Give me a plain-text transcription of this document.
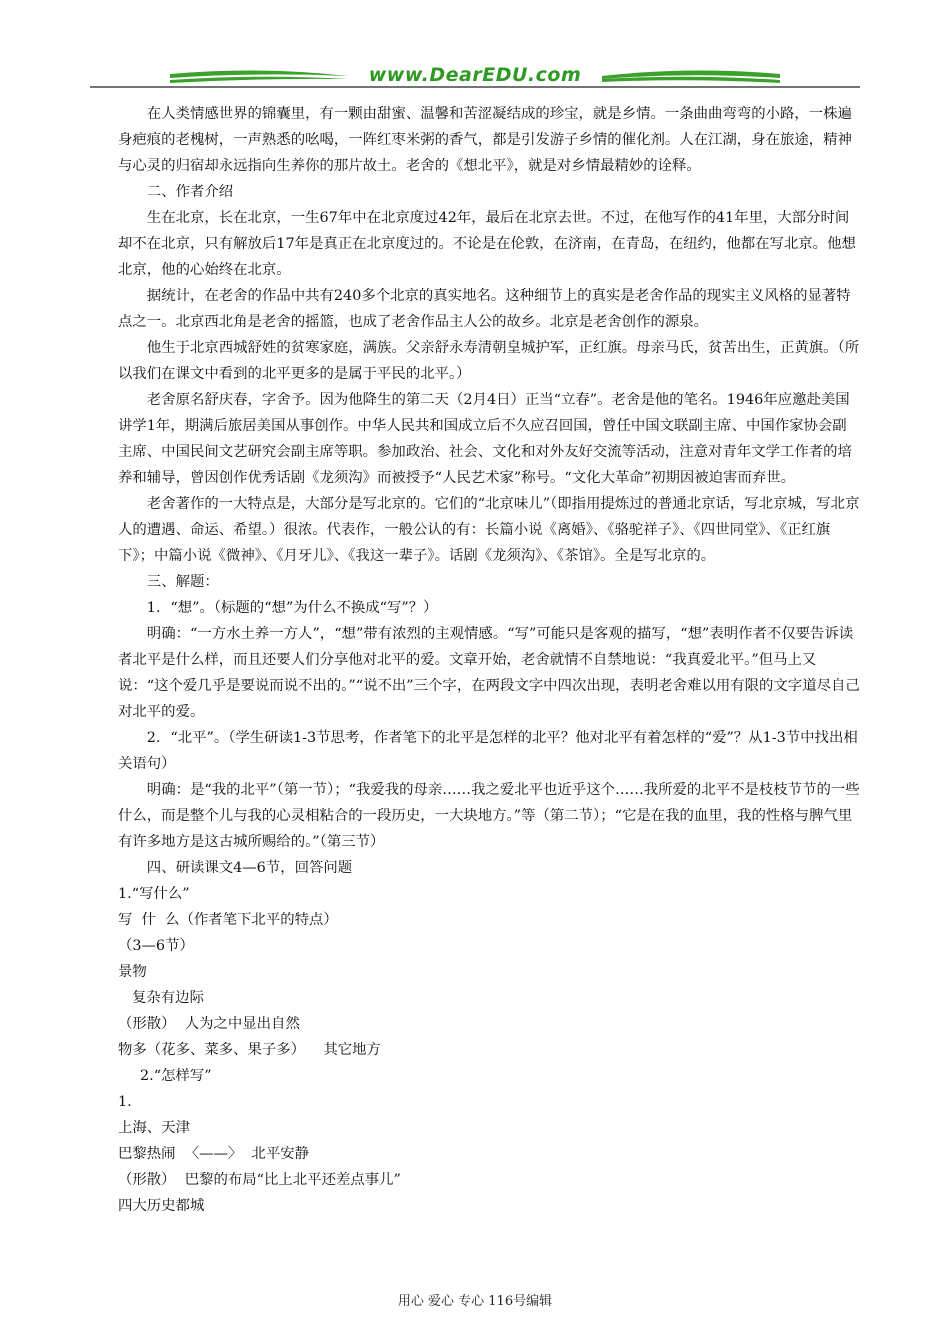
www.DearEDU.com

在人类情感世界的锦囊里，有一颗由甜蜜、温馨和苦涩凝结成的珍宝，就是乡情。一条曲曲弯弯的小路，一株遍身疤痕的老槐树，一声熟悉的吆喝，一阵红枣米粥的香气，都是引发游子乡情的催化剂。人在江湖，身在旅途，精神与心灵的归宿却永远指向生养你的那片故土。老舍的《想北平》，就是对乡情最精妙的诠释。

二、作者介绍

生在北京，长在北京，一生67年中在北京度过42年，最后在北京去世。不过，在他写作的41年里，大部分时间却不在北京，只有解放后17年是真正在北京度过的。不论是在伦敦，在济南，在青岛，在纽约，他都在写北京。他想北京，他的心始终在北京。

据统计，在老舍的作品中共有240多个北京的真实地名。这种细节上的真实是老舍作品的现实主义风格的显著特点之一。北京西北角是老舍的摇篮，也成了老舍作品主人公的故乡。北京是老舍创作的源泉。

他生于北京西城舒姓的贫寒家庭，满族。父亲舒永寿清朝皇城护军，正红旗。母亲马氏，贫苦出生，正黄旗。（所以我们在课文中看到的北平更多的是属于平民的北平。）

老舍原名舒庆春，字舍予。因为他降生的第二天（2月4日）正当“立春”。老舍是他的笔名。1946年应邀赴美国讲学1年，期满后旅居美国从事创作。中华人民共和国成立后不久应召回国，曾任中国文联副主席、中国作家协会副主席、中国民间文艺研究会副主席等职。参加政治、社会、文化和对外友好交流等活动，注意对青年文学工作者的培养和辅导，曾因创作优秀话剧《龙须沟》而被授予“人民艺术家”称号。“文化大革命”初期因被迫害而弃世。

老舍著作的一大特点是，大部分是写北京的。它们的“北京味儿”（即指用提炼过的普通北京话，写北京城，写北京人的遭遇、命运、希望。）很浓。代表作，一般公认的有：长篇小说《离婚》、《骆驼祥子》、《四世同堂》、《正红旗下》；中篇小说《微神》、《月牙儿》、《我这一辈子》。话剧《龙须沟》、《茶馆》。全是写北京的。

三、解题：

1．“想”。（标题的“想”为什么不换成“写”？）

明确：“一方水土养一方人”，“想”带有浓烈的主观情感。“写”可能只是客观的描写，“想”表明作者不仅要告诉读者北平是什么样，而且还要人们分享他对北平的爱。文章开始，老舍就情不自禁地说：“我真爱北平。”但马上又说：“这个爱几乎是要说而说不出的。”“说不出”三个字，在两段文字中四次出现，表明老舍难以用有限的文字道尽自己对北平的爱。

2．“北平”。（学生研读1-3节思考，作者笔下的北平是怎样的北平？他对北平有着怎样的“爱”？从1-3节中找出相关语句）

明确：是“我的北平”（第一节）；“我爱我的母亲……我之爱北平也近乎这个……我所爱的北平不是枝枝节节的一些什么，而是整个儿与我的心灵相粘合的一段历史，一大块地方。”等（第二节）；“它是在我的血里，我的性格与脾气里有许多地方是这古城所赐给的。”（第三节）

四、研读课文4—6节，回答问题

1.“写什么”

写  什  么（作者笔下北平的特点）

（3—6节）

景物

复杂有边际

（形散）  人为之中显出自然

物多（花多、菜多、果子多）    其它地方

2.“怎样写”

1.

上海、天津

巴黎热闹  〈——〉  北平安静

（形散）  巴黎的布局“比上北平还差点事儿”

四大历史都城

用心 爱心 专心 116号编辑
